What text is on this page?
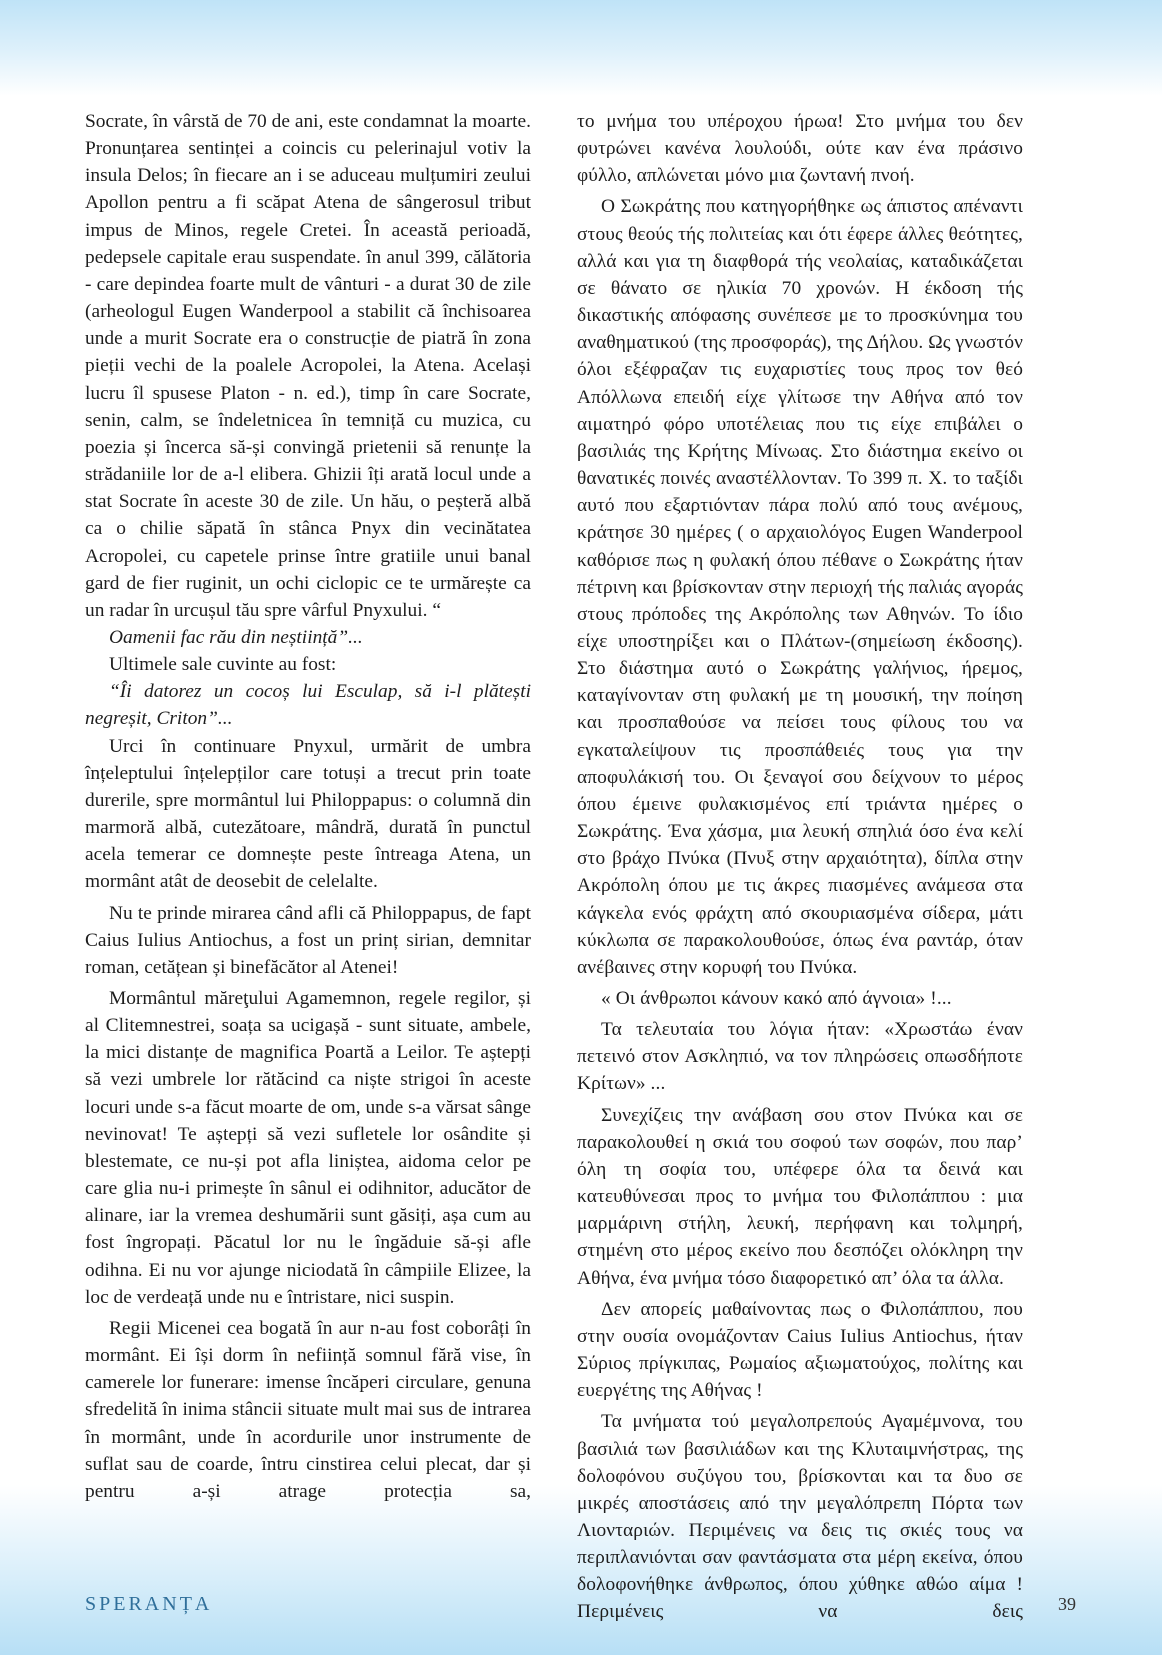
Socrate, în vârstă de 70 de ani, este condamnat la moarte. Pronunțarea sentinței a coincis cu pelerinajul votiv la insula Delos; în fiecare an i se aduceau mulțumiri zeului Apollon pentru a fi scăpat Atena de sângerosul tribut impus de Minos, regele Cretei. În această perioadă, pedepsele capitale erau suspendate. în anul 399, călătoria - care depindea foarte mult de vânturi - a durat 30 de zile (arheologul Eugen Wanderpool a stabilit că închisoarea unde a murit Socrate era o construcție de piatră în zona pieții vechi de la poalele Acropolei, la Atena. Același lucru îl spusese Platon - n. ed.), timp în care Socrate, senin, calm, se îndeletnicea în temniță cu muzica, cu poezia și încerca să-și convingă prietenii să renunțe la strădaniile lor de a-l elibera. Ghizii îți arată locul unde a stat Socrate în aceste 30 de zile. Un hău, o peșteră albă ca o chilie săpată în stânca Pnyx din vecinătatea Acropolei, cu capetele prinse între gratiile unui banal gard de fier ruginit, un ochi ciclopic ce te urmărește ca un radar în urcușul tău spre vârful Pnyxului. “

Oamenii fac rău din neștiință”...

Ultimele sale cuvinte au fost:

“Îi datorez un cocoș lui Esculap, să i-l plătești negreșit, Criton”...

Urci în continuare Pnyxul, urmărit de umbra înțeleptului înțelepților care totuși a trecut prin toate durerile, spre mormântul lui Philoppapus: o columnă din marmoră albă, cutezătoare, mândră, durată în punctul acela temerar ce domnește peste întreaga Atena, un mormânt atât de deosebit de celelalte.

Nu te prinde mirarea când afli că Philoppapus, de fapt Caius Iulius Antiochus, a fost un prinț sirian, demnitar roman, cetățean și binefăcător al Atenei!

Mormântul măreţului Agamemnon, regele regilor, și al Clitemnestrei, soața sa ucigașă - sunt situate, ambele, la mici distanțe de magnifica Poartă a Leilor. Te aștepți să vezi umbrele lor rătăcind ca niște strigoi în aceste locuri unde s-a făcut moarte de om, unde s-a vărsat sânge nevinovat! Te aștepți să vezi sufletele lor osândite și blestemate, ce nu-și pot afla liniștea, aidoma celor pe care glia nu-i primește în sânul ei odihnitor, aducător de alinare, iar la vremea deshumării sunt găsiți, așa cum au fost îngropați. Păcatul lor nu le îngăduie să-și afle odihna. Ei nu vor ajunge niciodată în câmpiile Elizee, la loc de verdeață unde nu e întristare, nici suspin.

Regii Micenei cea bogată în aur n-au fost coborâți în mormânt. Ei își dorm în neființă somnul fără vise, în camerele lor funerare: imense încăperi circulare, genuna sfredelită în inima stâncii situate mult mai sus de intrarea în mormânt, unde în acordurile unor instrumente de suflat sau de coarde, întru cinstirea celui plecat, dar și pentru a-și atrage protecția sa,

το μνήμα του υπέροχου ήρωα! Στο μνήμα του δεν φυτρώνει κανένα λουλούδι, ούτε καν ένα πράσινο φύλλο, απλώνεται μόνο μια ζωντανή πνοή.

Ο Σωκράτης που κατηγορήθηκε ως άπιστος απέναντι στους θεούς τής πολιτείας και ότι έφερε άλλες θεότητες, αλλά και για τη διαφθορά τής νεολαίας, καταδικάζεται σε θάνατο σε ηλικία 70 χρονών. Η έκδοση τής δικαστικής απόφασης συνέπεσε με το προσκύνημα του αναθηματικού (της προσφοράς), της Δήλου. Ως γνωστόν όλοι εξέφραζαν τις ευχαριστίες τους προς τον θεό Απόλλωνα επειδή είχε γλίτωσε την Αθήνα από τον αιματηρό φόρο υποτέλειας που τις είχε επιβάλει ο βασιλιάς της Κρήτης Μίνωας. Στο διάστημα εκείνο οι θανατικές ποινές αναστέλλονταν. Το 399 π. Χ. το ταξίδι αυτό που εξαρτιόνταν πάρα πολύ από τους ανέμους, κράτησε 30 ημέρες ( ο αρχαιολόγος Eugen Wanderpool καθόρισε πως η φυλακή όπου πέθανε ο Σωκράτης ήταν πέτρινη και βρίσκονταν στην περιοχή τής παλιάς αγοράς στους πρόποδες της Ακρόπολης των Αθηνών. Το ίδιο είχε υποστηρίξει και ο Πλάτων-(σημείωση έκδοσης). Στο διάστημα αυτό ο Σωκράτης γαλήνιος, ήρεμος, καταγίνονταν στη φυλακή με τη μουσική, την ποίηση και προσπαθούσε να πείσει τους φίλους του να εγκαταλείψουν τις προσπάθειές τους για την αποφυλάκισή του. Οι ξεναγοί σου δείχνουν το μέρος όπου έμεινε φυλακισμένος επί τριάντα ημέρες ο Σωκράτης. Ένα χάσμα, μια λευκή σπηλιά όσο ένα κελί στο βράχο Πνύκα (Πνυξ στην αρχαιότητα), δίπλα στην Ακρόπολη όπου με τις άκρες πιασμένες ανάμεσα στα κάγκελα ενός φράχτη από σκουριασμένα σίδερα, μάτι κύκλωπα σε παρακολουθούσε, όπως ένα ραντάρ, όταν ανέβαινες στην κορυφή του Πνύκα.

« Οι άνθρωποι κάνουν κακό από άγνοια» !...

Τα τελευταία του λόγια ήταν: «Χρωστάω έναν πετεινό στον Ασκληπιό, να τον πληρώσεις οπωσδήποτε Κρίτων» ...

Συνεχίζεις την ανάβαση σου στον Πνύκα και σε παρακολουθεί η σκιά του σοφού των σοφών, που παρ’ όλη τη σοφία του, υπέφερε όλα τα δεινά και κατευθύνεσαι προς το μνήμα του Φιλοπάππου : μια μαρμάρινη στήλη, λευκή, περήφανη και τολμηρή, στημένη στο μέρος εκείνο που δεσπόζει ολόκληρη την Αθήνα, ένα μνήμα τόσο διαφορετικό απ’ όλα τα άλλα.

Δεν απορείς μαθαίνοντας πως ο Φιλοπάππου, που στην ουσία ονομάζονταν Caius Iulius Antiochus, ήταν Σύριος πρίγκιπας, Ρωμαίος αξιωματούχος, πολίτης και ευεργέτης της Αθήνας !

Τα μνήματα τού μεγαλοπρεπούς Αγαμέμνονα, του βασιλιά των βασιλιάδων και της Κλυταιμνήστρας, της δολοφόνου συζύγου του, βρίσκονται και τα δυο σε μικρές αποστάσεις από την μεγαλόπρεπη Πόρτα των Λιονταριών. Περιμένεις να δεις τις σκιές τους να περιπλανιόνται σαν φαντάσματα στα μέρη εκείνα, όπου δολοφονήθηκε άνθρωπος, όπου χύθηκε αθώο αίμα ! Περιμένεις να δεις

SPERANȚA	39
